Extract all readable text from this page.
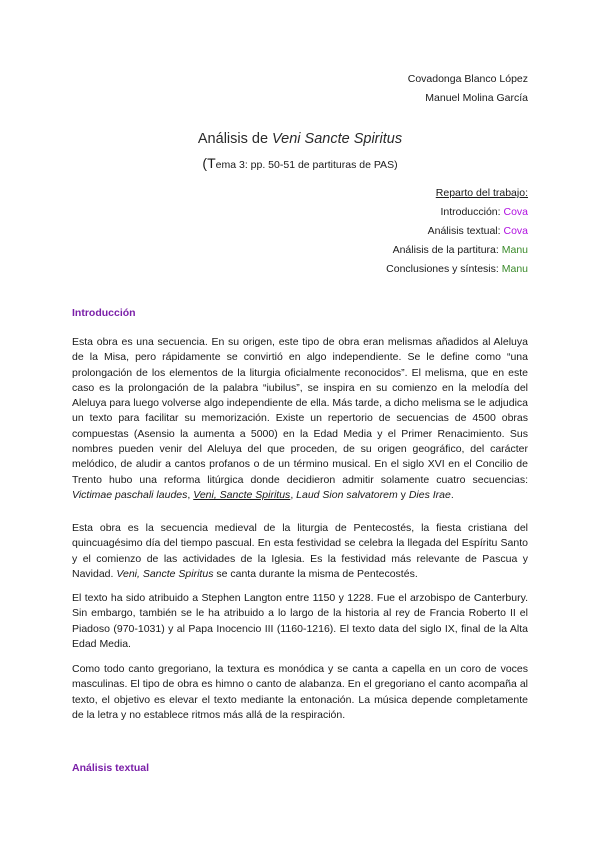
Covadonga Blanco López
Manuel Molina García
Análisis de Veni Sancte Spiritus
(Tema 3: pp. 50-51 de partituras de PAS)
Reparto del trabajo:
Introducción: Cova
Análisis textual: Cova
Análisis de la partitura: Manu
Conclusiones y síntesis: Manu
Introducción

Esta obra es una secuencia. En su origen, este tipo de obra eran melismas añadidos al Aleluya de la Misa, pero rápidamente se convirtió en algo independiente. Se le define como “una prolongación de los elementos de la liturgia oficialmente reconocidos”. El melisma, que en este caso es la prolongación de la palabra “iubilus”, se inspira en su comienzo en la melodía del Aleluya para luego volverse algo independiente de ella. Más tarde, a dicho melisma se le adjudica un texto para facilitar su memorización. Existe un repertorio de secuencias de 4500 obras compuestas (Asensio la aumenta a 5000) en la Edad Media y el Primer Renacimiento. Sus nombres pueden venir del Aleluya del que proceden, de su origen geográfico, del carácter melódico, de aludir a cantos profanos o de un término musical. En el siglo XVI en el Concilio de Trento hubo una reforma litúrgica donde decidieron admitir solamente cuatro secuencias: Victimae paschali laudes, Veni, Sancte Spiritus, Laud Sion salvatorem y Dies Irae.

Esta obra es la secuencia medieval de la liturgia de Pentecostés, la fiesta cristiana del quincuagésimo día del tiempo pascual. En esta festividad se celebra la llegada del Espíritu Santo y el comienzo de las actividades de la Iglesia. Es la festividad más relevante de Pascua y Navidad. Veni, Sancte Spiritus se canta durante la misma de Pentecostés.

El texto ha sido atribuido a Stephen Langton entre 1150 y 1228. Fue el arzobispo de Canterbury. Sin embargo, también se le ha atribuido a lo largo de la historia al rey de Francia Roberto II el Piadoso (970-1031) y al Papa Inocencio III (1160-1216). El texto data del siglo IX, final de la Alta Edad Media.

Como todo canto gregoriano, la textura es monódica y se canta a capella en un coro de voces masculinas. El tipo de obra es himno o canto de alabanza. En el gregoriano el canto acompaña al texto, el objetivo es elevar el texto mediante la entonación. La música depende completamente de la letra y no establece ritmos más allá de la respiración.

Análisis textual
